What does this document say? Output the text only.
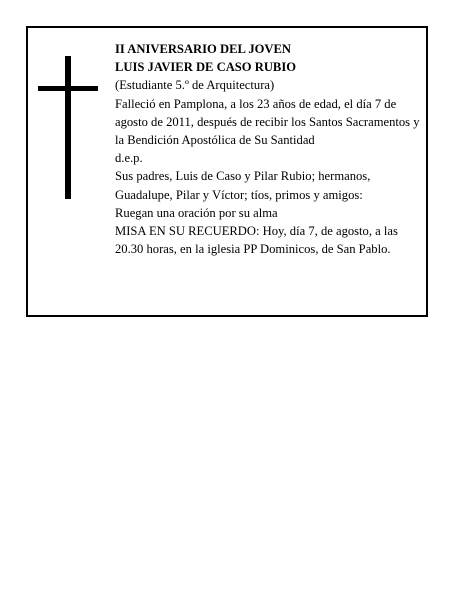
II ANIVERSARIO DEL JOVEN
LUIS JAVIER DE CASO RUBIO
(Estudiante 5.º de Arquitectura)
Falleció en Pamplona, a los 23 años de edad, el día 7 de agosto de 2011, después de recibir los Santos Sacramentos y la Bendición Apostólica de Su Santidad
d.e.p.
Sus padres, Luis de Caso y Pilar Rubio; hermanos, Guadalupe, Pilar y Víctor; tíos, primos y amigos:
Ruegan una oración por su alma
MISA EN SU RECUERDO: Hoy, día 7, de agosto, a las 20.30 horas, en la iglesia PP Dominicos, de San Pablo.
